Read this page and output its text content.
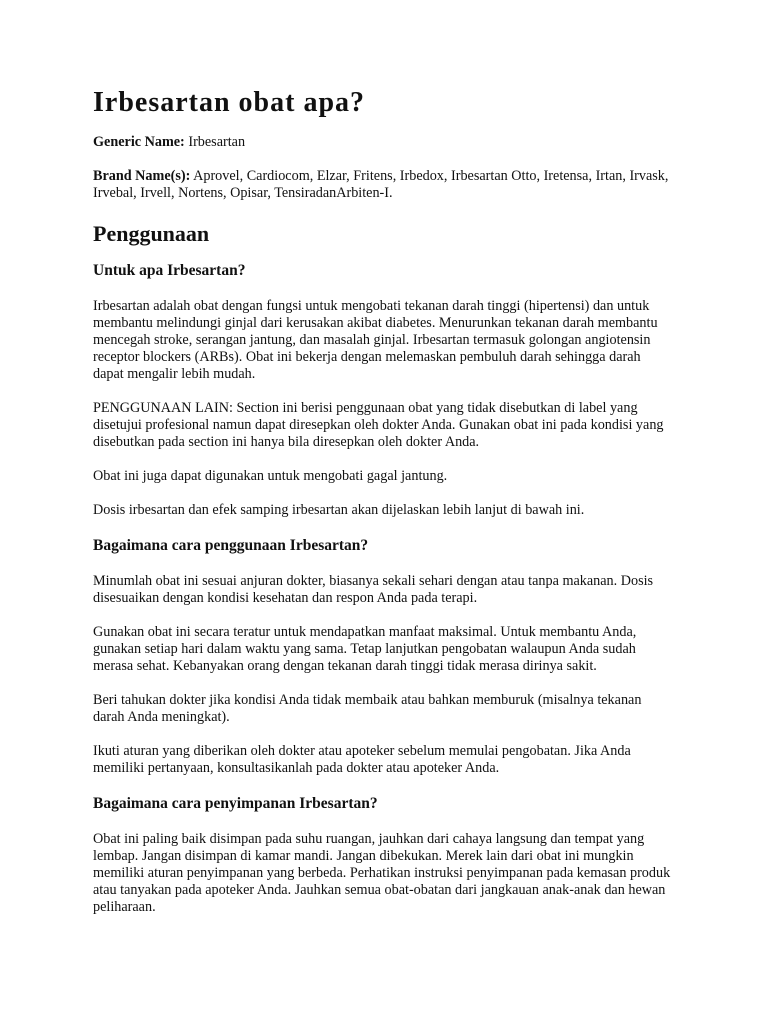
Irbesartan obat apa?

Generic Name: Irbesartan

Brand Name(s): Aprovel, Cardiocom, Elzar, Fritens, Irbedox, Irbesartan Otto, Iretensa, Irtan, Irvask, Irvebal, Irvell, Nortens, Opisar, TensiradanArbiten-I.

Penggunaan
Untuk apa Irbesartan?

Irbesartan adalah obat dengan fungsi untuk mengobati tekanan darah tinggi (hipertensi) dan untuk membantu melindungi ginjal dari kerusakan akibat diabetes. Menurunkan tekanan darah membantu mencegah stroke, serangan jantung, dan masalah ginjal. Irbesartan termasuk golongan angiotensin receptor blockers (ARBs). Obat ini bekerja dengan melemaskan pembuluh darah sehingga darah dapat mengalir lebih mudah.

PENGGUNAAN LAIN: Section ini berisi penggunaan obat yang tidak disebutkan di label yang disetujui profesional namun dapat diresepkan oleh dokter Anda. Gunakan obat ini pada kondisi yang disebutkan pada section ini hanya bila diresepkan oleh dokter Anda.

Obat ini juga dapat digunakan untuk mengobati gagal jantung.

Dosis irbesartan dan efek samping irbesartan akan dijelaskan lebih lanjut di bawah ini.

Bagaimana cara penggunaan Irbesartan?

Minumlah obat ini sesuai anjuran dokter, biasanya sekali sehari dengan atau tanpa makanan. Dosis disesuaikan dengan kondisi kesehatan dan respon Anda pada terapi.

Gunakan obat ini secara teratur untuk mendapatkan manfaat maksimal. Untuk membantu Anda, gunakan setiap hari dalam waktu yang sama. Tetap lanjutkan pengobatan walaupun Anda sudah merasa sehat. Kebanyakan orang dengan tekanan darah tinggi tidak merasa dirinya sakit.

Beri tahukan dokter jika kondisi Anda tidak membaik atau bahkan memburuk (misalnya tekanan darah Anda meningkat).

Ikuti aturan yang diberikan oleh dokter atau apoteker sebelum memulai pengobatan. Jika Anda memiliki pertanyaan, konsultasikanlah pada dokter atau apoteker Anda.

Bagaimana cara penyimpanan Irbesartan?

Obat ini paling baik disimpan pada suhu ruangan, jauhkan dari cahaya langsung dan tempat yang lembap. Jangan disimpan di kamar mandi. Jangan dibekukan. Merek lain dari obat ini mungkin memiliki aturan penyimpanan yang berbeda. Perhatikan instruksi penyimpanan pada kemasan produk atau tanyakan pada apoteker Anda. Jauhkan semua obat-obatan dari jangkauan anak-anak dan hewan peliharaan.
